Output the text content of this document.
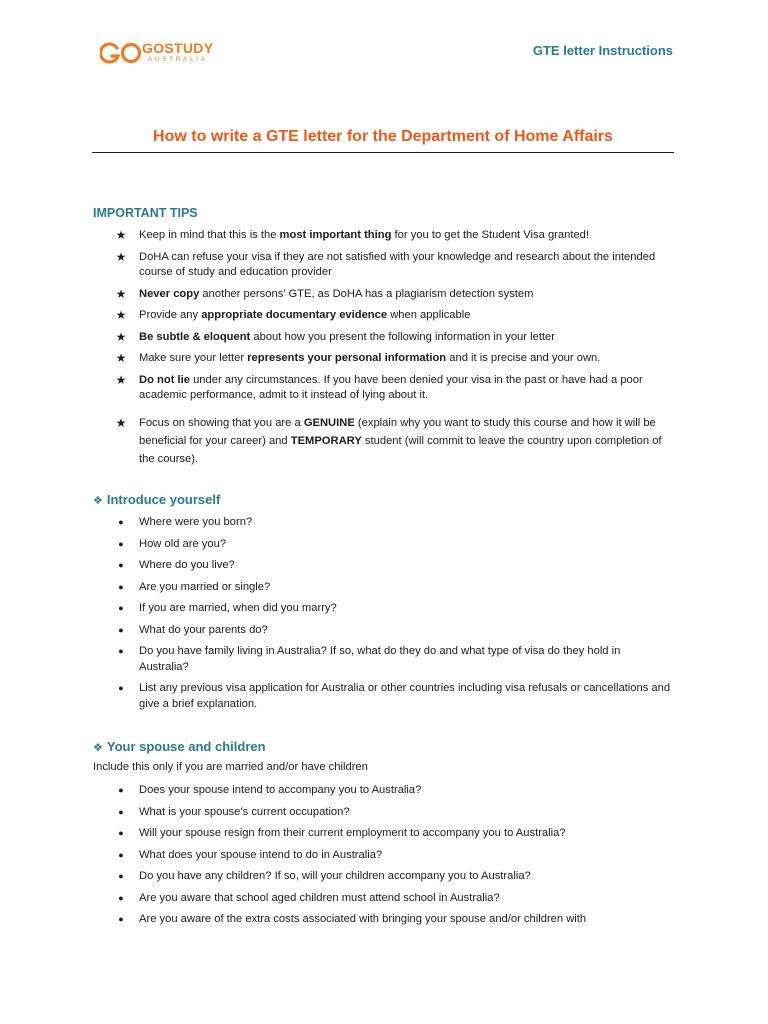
GOSTUDY
AUSTRALIA
GTE letter Instructions
How to write a GTE letter for the Department of Home Affairs
IMPORTANT TIPS
★ Keep in mind that this is the most important thing for you to get the Student Visa granted!
★ DoHA can refuse your visa if they are not satisfied with your knowledge and research about the intended course of study and education provider
★ Never copy another persons’ GTE, as DoHA has a plagiarism detection system
★ Provide any appropriate documentary evidence when applicable
★ Be subtle & eloquent about how you present the following information in your letter
★ Make sure your letter represents your personal information and it is precise and your own.
★ Do not lie under any circumstances. If you have been denied your visa in the past or have had a poor academic performance, admit to it instead of lying about it.
★ Focus on showing that you are a GENUINE (explain why you want to study this course and how it will be beneficial for your career) and TEMPORARY student (will commit to leave the country upon completion of the course).
❖ Introduce yourself
●	Where were you born?
●	How old are you?
●	Where do you live?
●	Are you married or single?
●	If you are married, when did you marry?
●	What do your parents do?
●	Do you have family living in Australia? If so, what do they do and what type of visa do they hold in Australia?
●	List any previous visa application for Australia or other countries including visa refusals or cancellations and give a brief explanation.
❖ Your spouse and children
Include this only if you are married and/or have children
●	Does your spouse intend to accompany you to Australia?
●	What is your spouse’s current occupation?
●	Will your spouse resign from their current employment to accompany you to Australia?
●	What does your spouse intend to do in Australia?
●	Do you have any children? If so, will your children accompany you to Australia?
●	Are you aware that school aged children must attend school in Australia?
●	Are you aware of the extra costs associated with bringing your spouse and/or children with
